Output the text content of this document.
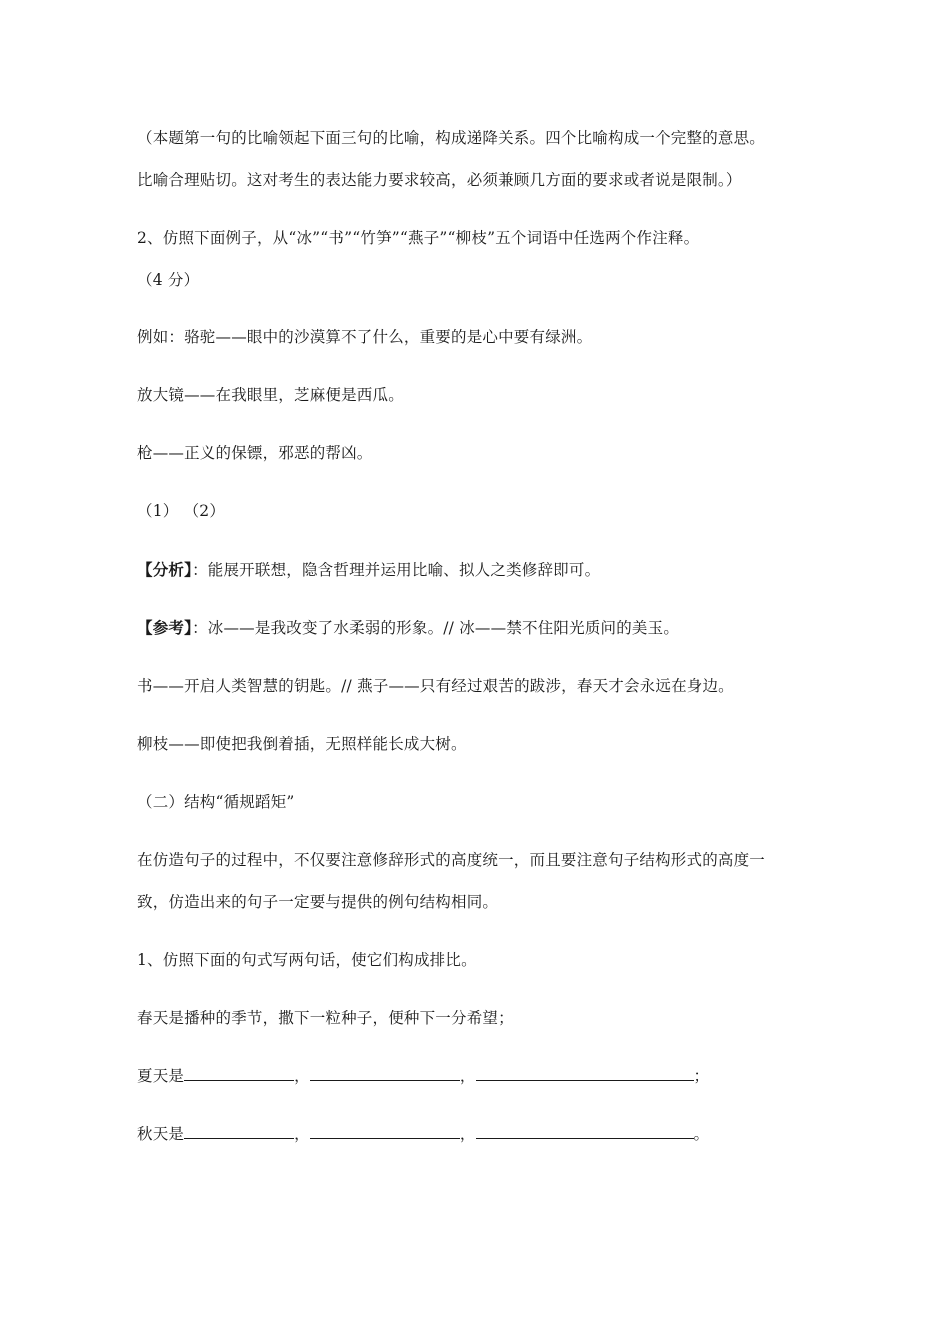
（本题第一句的比喻领起下面三句的比喻，构成递降关系。四个比喻构成一个完整的意思。
比喻合理贴切。这对考生的表达能力要求较高，必须兼顾几方面的要求或者说是限制。）
2、仿照下面例子，从“冰”“书”“竹笋”“燕子”“柳枝”五个词语中任选两个作注释。
（4 分）
例如：骆驼——眼中的沙漠算不了什么，重要的是心中要有绿洲。
放大镜——在我眼里，芝麻便是西瓜。
枪——正义的保镖，邪恶的帮凶。
（1） （2）
【分析】：能展开联想，隐含哲理并运用比喻、拟人之类修辞即可。
【参考】：冰——是我改变了水柔弱的形象。// 冰——禁不住阳光质问的美玉。
书——开启人类智慧的钥匙。// 燕子——只有经过艰苦的跋涉，春天才会永远在身边。
柳枝——即使把我倒着插，无照样能长成大树。
（二）结构“循规蹈矩”
在仿造句子的过程中，不仅要注意修辞形式的高度统一，而且要注意句子结构形式的高度一
致，仿造出来的句子一定要与提供的例句结构相同。
1、仿照下面的句式写两句话，使它们构成排比。
春天是播种的季节，撒下一粒种子，便种下一分希望；
夏天是	，	，	；
秋天是	，	，	。
